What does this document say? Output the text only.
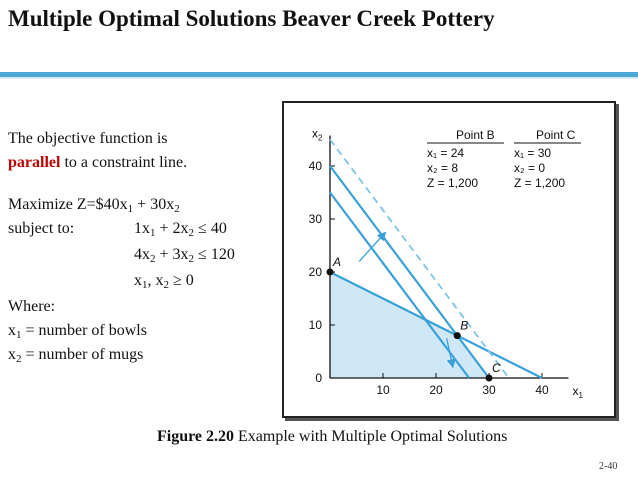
Multiple Optimal Solutions Beaver Creek Pottery
The objective function is
parallel to a constraint line.
Maximize $Z=\$40x_1 + 30x_2$
subject to:	$1x_1 + 2x_2 \le 40$
$4x_2 + 3x_2 \le 120$
$x_1$, $x_2 \ge 0$
Where:
$x_1$ = number of bowls
$x_2$ = number of mugs
40
30
20
10
0
10	20	30	40
$x_2$
$x_1$
A
B
C
Point B
x₁ = 24
x₂ = 8
Z = 1,200
Point C
x₁ = 30
x₂ = 0
Z = 1,200
Figure 2.20 Example with Multiple Optimal Solutions
2-40
